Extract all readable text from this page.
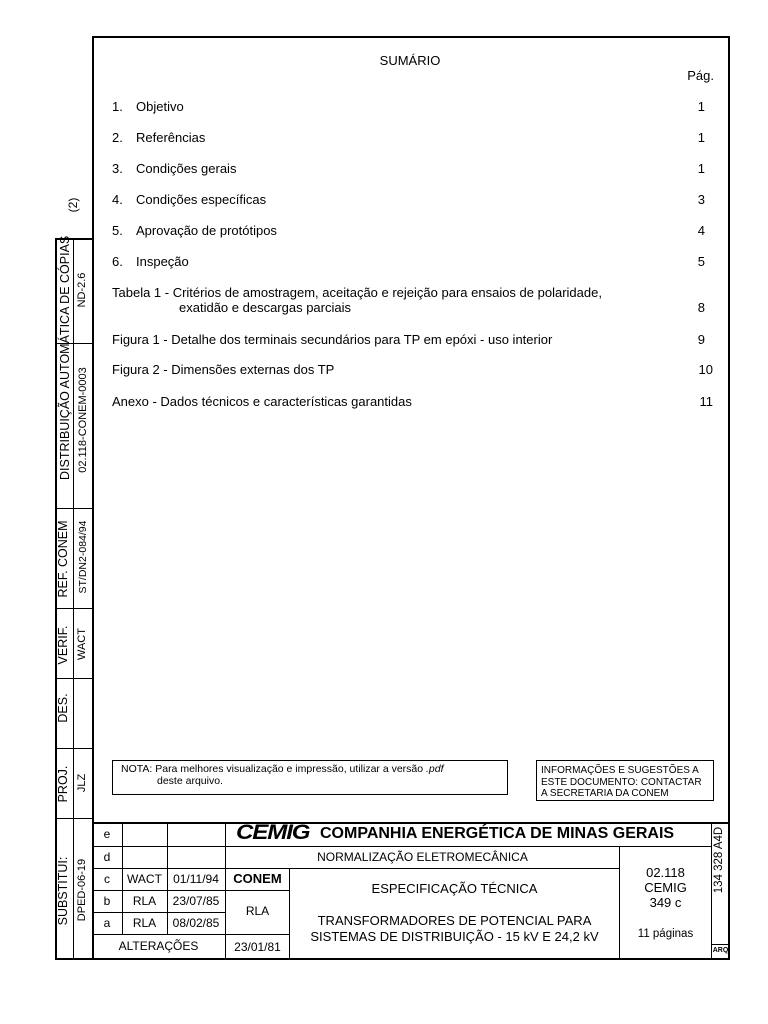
(2)
SUMÁRIO
Pág.
1. Objetivo	1
2. Referências	1
3. Condições gerais	1
4. Condições específicas	3
5. Aprovação de protótipos	4
6. Inspeção	5
Tabela 1 - Critérios de amostragem, aceitação e rejeição para ensaios de polaridade,
exatidão e descargas parciais	8
Figura 1 - Detalhe dos terminais secundários para TP em epóxi - uso interior	9
Figura 2 - Dimensões externas dos TP	10
Anexo - Dados técnicos e características garantidas	11
NOTA: Para melhores visualização e impressão, utilizar a versão .pdf
deste arquivo.
INFORMAÇÕES E SUGESTÕES A
ESTE DOCUMENTO: CONTACTAR
A SECRETARIA DA CONEM
DISTRIBUIÇÃO AUTOMÁTICA DE CÓPIAS ND-2.6
02.118-CONEM-0003
REF. CONEM ST/DN2-084/94
VERIF. WACT
DES.
PROJ. JLZ
SUBSTITUI: DPED-06-19
e
d
c	WACT 01/11/94
b	RLA	23/07/85
a	RLA	08/02/85
ALTERAÇÕES
CEMIG COMPANHIA ENERGÉTICA DE MINAS GERAIS
NORMALIZAÇÃO ELETROMECÂNICA
CONEM
RLA
23/01/81
ESPECIFICAÇÃO TÉCNICA
TRANSFORMADORES DE POTENCIAL PARA
SISTEMAS DE DISTRIBUIÇÃO - 15 kV E 24,2 kV
02.118
CEMIG
349 c
11 páginas
134 328 A4D
ARQ
